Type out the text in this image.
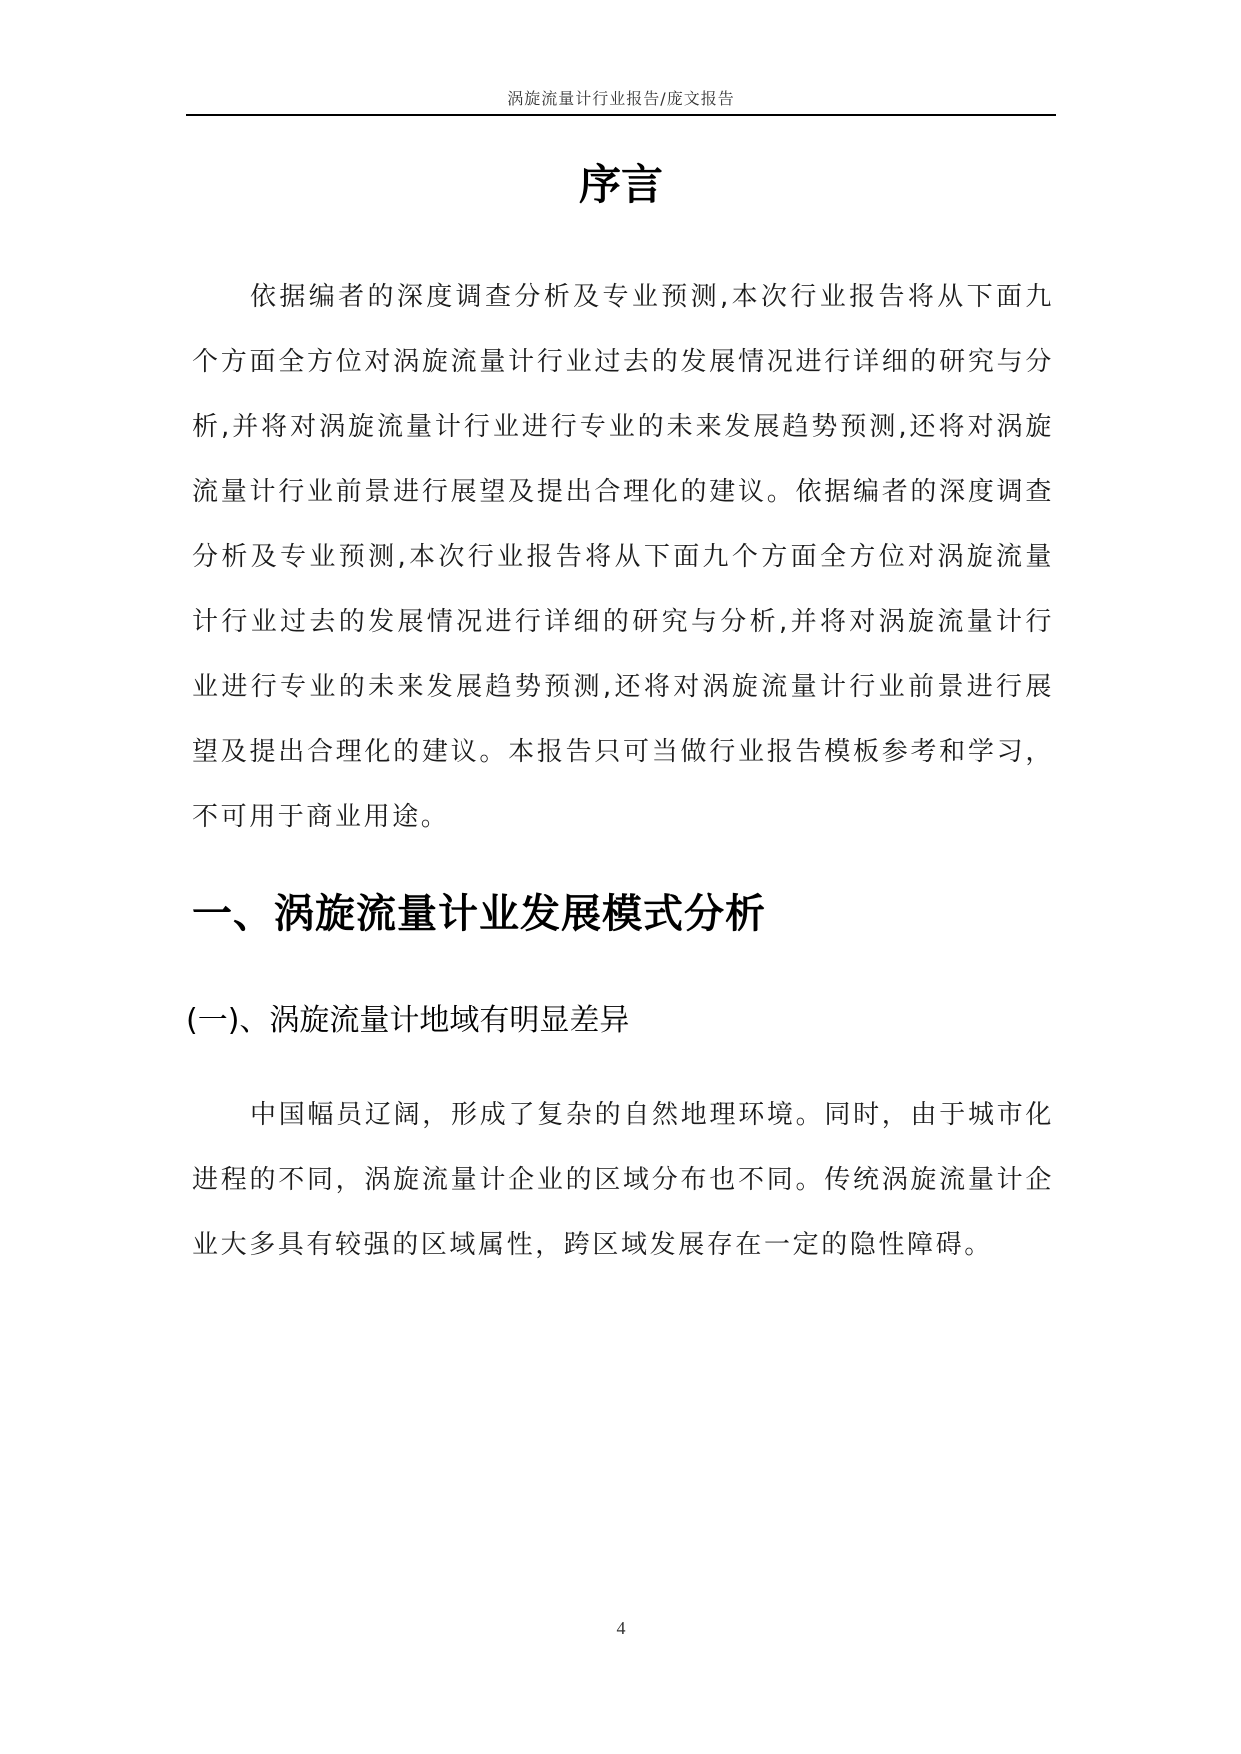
涡旋流量计行业报告/庞文报告
序言

依据编者的深度调查分析及专业预测,本次行业报告将从下面九个方面全方位对涡旋流量计行业过去的发展情况进行详细的研究与分析,并将对涡旋流量计行业进行专业的未来发展趋势预测,还将对涡旋流量计行业前景进行展望及提出合理化的建议。依据编者的深度调查分析及专业预测,本次行业报告将从下面九个方面全方位对涡旋流量计行业过去的发展情况进行详细的研究与分析,并将对涡旋流量计行业进行专业的未来发展趋势预测,还将对涡旋流量计行业前景进行展望及提出合理化的建议。本报告只可当做行业报告模板参考和学习，不可用于商业用途。

一、涡旋流量计业发展模式分析
(一)、涡旋流量计地域有明显差异

中国幅员辽阔，形成了复杂的自然地理环境。同时，由于城市化进程的不同，涡旋流量计企业的区域分布也不同。传统涡旋流量计企业大多具有较强的区域属性，跨区域发展存在一定的隐性障碍。

4
